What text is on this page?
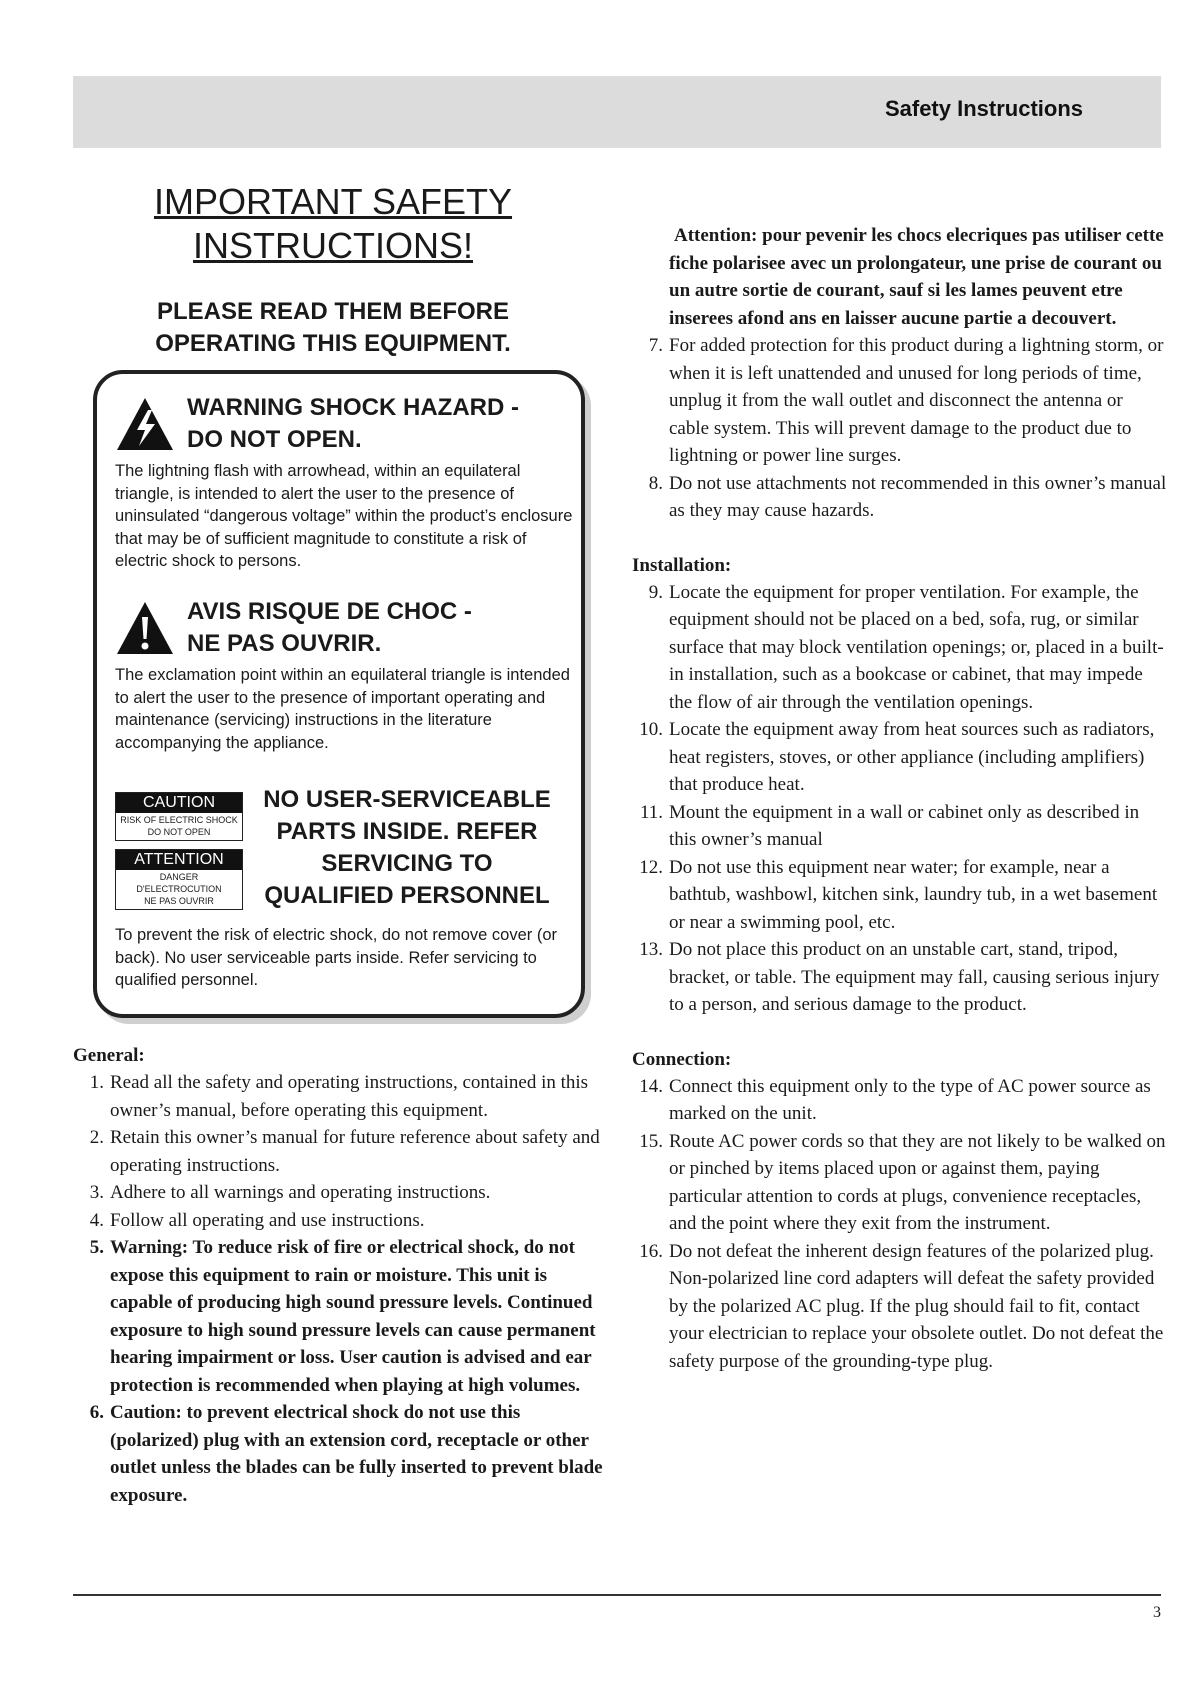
Safety Instructions
IMPORTANT SAFETY
INSTRUCTIONS!
PLEASE READ THEM BEFORE
OPERATING THIS EQUIPMENT.
WARNING SHOCK HAZARD -
DO NOT OPEN.
The lightning flash with arrowhead, within an equilateral triangle, is intended to alert the user to the presence of uninsulated “dangerous voltage” within the product’s enclosure that may be of sufficient magnitude to constitute a risk of electric shock to persons.
AVIS RISQUE DE CHOC -
NE PAS OUVRIR.
The exclamation point within an equilateral triangle is intended to alert the user to the presence of important operating and maintenance (servicing) instructions in the literature accompanying the appliance.
CAUTION
RISK OF ELECTRIC SHOCK
DO NOT OPEN
ATTENTION
DANGER D'ELECTROCUTION
NE PAS OUVRIR
NO USER-SERVICEABLE
PARTS INSIDE. REFER
SERVICING TO
QUALIFIED PERSONNEL
To prevent the risk of electric shock, do not remove cover (or back). No user serviceable parts inside. Refer servicing to qualified personnel.
General:
1. Read all the safety and operating instructions, contained in this owner’s manual, before operating this equipment.
2. Retain this owner’s manual for future reference about safety and operating instructions.
3. Adhere to all warnings and operating instructions.
4. Follow all operating and use instructions.
5. Warning: To reduce risk of fire or electrical shock, do not expose this equipment to rain or moisture. This unit is capable of producing high sound pressure levels. Continued exposure to high sound pressure levels can cause permanent hearing impairment or loss. User caution is advised and ear protection is recommended when playing at high volumes.
6. Caution: to prevent electrical shock do not use this (polarized) plug with an extension cord, receptacle or other outlet unless the blades can be fully inserted to prevent blade exposure.
Attention: pour pevenir les chocs elecriques pas utiliser cette fiche polarisee avec un prolongateur, une prise de courant ou un autre sortie de courant, sauf si les lames peuvent etre inserees afond ans en laisser aucune partie a decouvert.
7. For added protection for this product during a lightning storm, or when it is left unattended and unused for long periods of time, unplug it from the wall outlet and disconnect the antenna or cable system. This will prevent damage to the product due to lightning or power line surges.
8. Do not use attachments not recommended in this owner’s manual as they may cause hazards.
Installation:
9. Locate the equipment for proper ventilation. For example, the equipment should not be placed on a bed, sofa, rug, or similar surface that may block ventilation openings; or, placed in a built-in installation, such as a bookcase or cabinet, that may impede the flow of air through the ventilation openings.
10. Locate the equipment away from heat sources such as radiators, heat registers, stoves, or other appliance (including amplifiers) that produce heat.
11. Mount the equipment in a wall or cabinet only as described in this owner’s manual
12. Do not use this equipment near water; for example, near a bathtub, washbowl, kitchen sink, laundry tub, in a wet basement or near a swimming pool, etc.
13. Do not place this product on an unstable cart, stand, tripod, bracket, or table. The equipment may fall, causing serious injury to a person, and serious damage to the product.
Connection:
14. Connect this equipment only to the type of AC power source as marked on the unit.
15. Route AC power cords so that they are not likely to be walked on or pinched by items placed upon or against them, paying particular attention to cords at plugs, convenience receptacles, and the point where they exit from the instrument.
16. Do not defeat the inherent design features of the polarized plug. Non-polarized line cord adapters will defeat the safety provided by the polarized AC plug. If the plug should fail to fit, contact your electrician to replace your obsolete outlet. Do not defeat the safety purpose of the grounding-type plug.
3
